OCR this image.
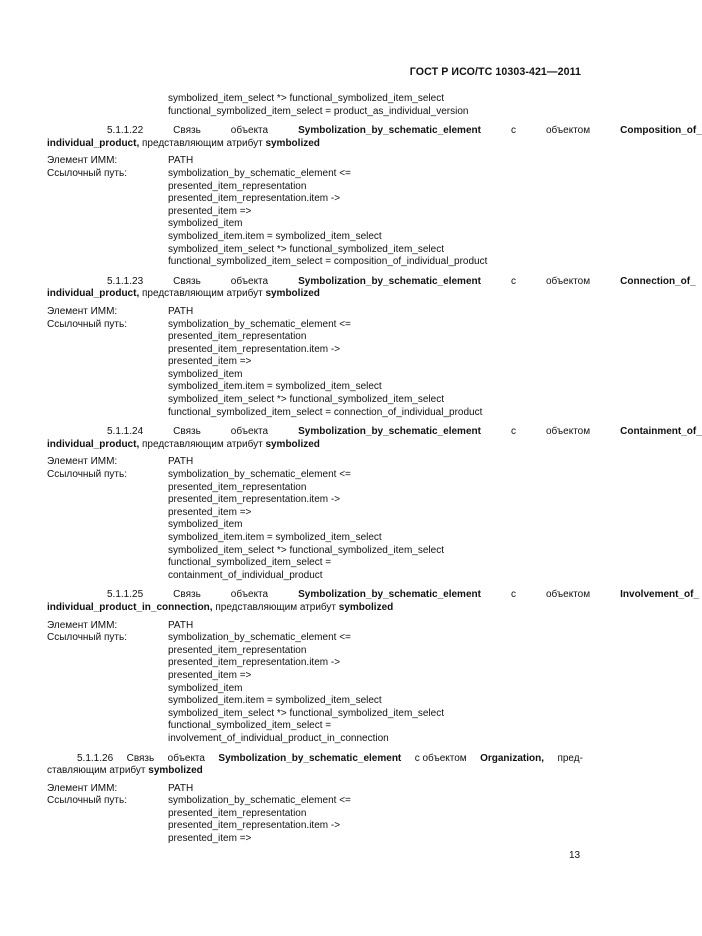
ГОСТ Р ИСО/ТС 10303-421—2011
symbolized_item_select *> functional_symbolized_item_select
functional_symbolized_item_select = product_as_individual_version
5.1.1.22	Связь	объекта	Symbolization_by_schematic_element	с	объектом	Composition_of_
individual_product, представляющим атрибут symbolized
Элемент ИММ:	PATH
Ссылочный путь:	symbolization_by_schematic_element <=
presented_item_representation
presented_item_representation.item ->
presented_item =>
symbolized_item
symbolized_item.item = symbolized_item_select
symbolized_item_select *> functional_symbolized_item_select
functional_symbolized_item_select = composition_of_individual_product
5.1.1.23	Связь	объекта	Symbolization_by_schematic_element	с	объектом	Connection_of_
individual_product, представляющим атрибут symbolized
Элемент ИММ:	PATH
Ссылочный путь:	symbolization_by_schematic_element <=
presented_item_representation
presented_item_representation.item ->
presented_item =>
symbolized_item
symbolized_item.item = symbolized_item_select
symbolized_item_select *> functional_symbolized_item_select
functional_symbolized_item_select = connection_of_individual_product
5.1.1.24	Связь	объекта	Symbolization_by_schematic_element	с	объектом	Containment_of_
individual_product, представляющим атрибут symbolized
Элемент ИММ:	PATH
Ссылочный путь:	symbolization_by_schematic_element <=
presented_item_representation
presented_item_representation.item ->
presented_item =>
symbolized_item
symbolized_item.item = symbolized_item_select
symbolized_item_select *> functional_symbolized_item_select
functional_symbolized_item_select =
containment_of_individual_product
5.1.1.25	Связь	объекта	Symbolization_by_schematic_element	с	объектом	Involvement_of_
individual_product_in_connection, представляющим атрибут symbolized
Элемент ИММ:	PATH
Ссылочный путь:	symbolization_by_schematic_element <=
presented_item_representation
presented_item_representation.item ->
presented_item =>
symbolized_item
symbolized_item.item = symbolized_item_select
symbolized_item_select *> functional_symbolized_item_select
functional_symbolized_item_select =
involvement_of_individual_product_in_connection
5.1.1.26 Связь объекта Symbolization_by_schematic_element с объектом Organization, пред-
ставляющим атрибут symbolized
Элемент ИММ:	PATH
Ссылочный путь:	symbolization_by_schematic_element <=
presented_item_representation
presented_item_representation.item ->
presented_item =>
13
